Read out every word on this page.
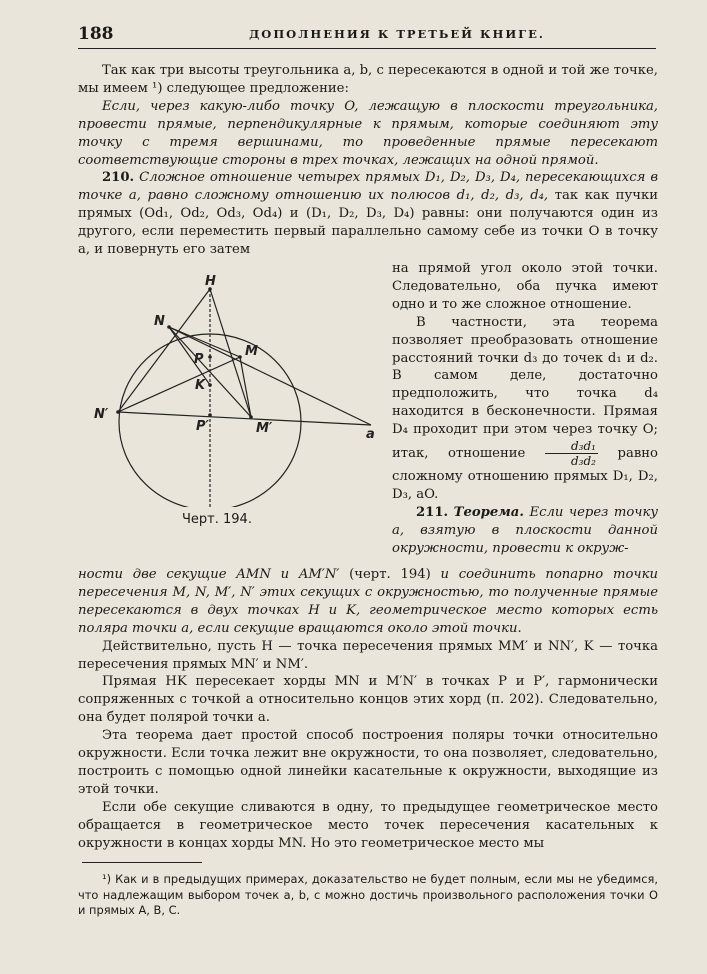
188	ДОПОЛНЕНИЯ К ТРЕТЬЕЙ КНИГЕ.

Так как три высоты треугольника a, b, c пересекаются в одной и той же точке, мы имеем ¹) следующее предложение:

Если, через какую-либо точку O, лежащую в плоскости треугольника, провести прямые, перпендикулярные к прямым, которые соединяют эту точку с тремя вершинами, то проведенные прямые пересекают соответствующие стороны в трех точках, лежащих на одной прямой.

210. Сложное отношение четырех прямых D₁, D₂, D₃, D₄, пересекающихся в точке a, равно сложному отношению их полюсов d₁, d₂, d₃, d₄, так как пучки прямых (Od₁, Od₂, Od₃, Od₄) и (D₁, D₂, D₃, D₄) равны: они получаются один из другого, если переместить первый параллельно самому себе из точки O в точку a, и повернуть его затем

H
N
M
P
K
N′
P′	M′	a
Черт. 194.

на прямой угол около этой точки. Следовательно, оба пучка имеют одно и то же сложное отношение.

В частности, эта теорема позволяет преобразовать отношение расстояний точки d₃ до точек d₁ и d₂. В самом деле, достаточно предположить, что точка d₄ находится в бесконечности. Прямая D₄ проходит при этом через точку O; итак, отношение $\frac{\text{d₃d₁}}{\text{d₃d₂}}$ равно сложному отношению прямых D₁, D₂, D₃, aO.

211. Теорема. Если через точку a, взятую в плоскости данной окружности, провести к окруж-

ности две секущие AMN и AM′N′ (черт. 194) и соединить попарно точки пересечения M, N, M′, N′ этих секущих с окружностью, то полученные прямые пересекаются в двух точках H и K, геометрическое место которых есть поляра точки a, если секущие вращаются около этой точки.

Действительно, пусть H — точка пересечения прямых MM′ и NN′, K — точка пересечения прямых MN′ и NM′.

Прямая HK пересекает хорды MN и M′N′ в точках P и P′, гармонически сопряженных с точкой a относительно концов этих хорд (п. 202). Следовательно, она будет полярой точки a.

Эта теорема дает простой способ построения поляры точки относительно окружности. Если точка лежит вне окружности, то она позволяет, следовательно, построить с помощью одной линейки касательные к окружности, выходящие из этой точки.

Если обе секущие сливаются в одну, то предыдущее геометрическое место обращается в геометрическое место точек пересечения касательных к окружности в концах хорды MN. Но это геометрическое место мы

¹) Как и в предыдущих примерах, доказательство не будет полным, если мы не убедимся, что надлежащим выбором точек a, b, c можно достичь произвольного расположения точки O и прямых A, B, C.
